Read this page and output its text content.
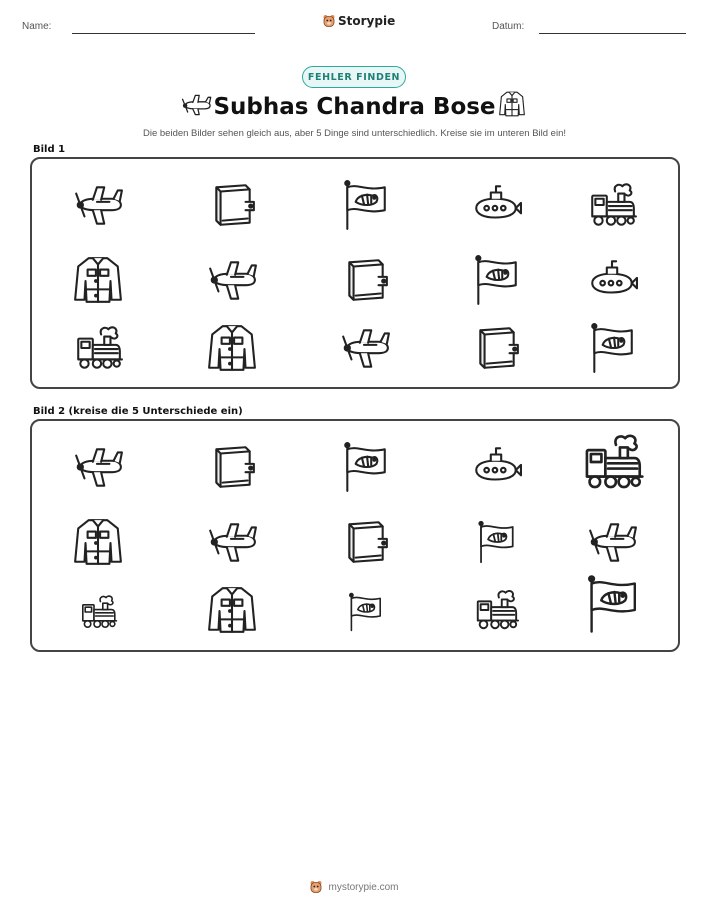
Name:	Storypie	Datum:
FEHLER FINDEN
Subhas Chandra Bose
Die beiden Bilder sehen gleich aus, aber 5 Dinge sind unterschiedlich. Kreise sie im unteren Bild ein!
Bild 1
Bild 2 (kreise die 5 Unterschiede ein)
mystorypie.com
